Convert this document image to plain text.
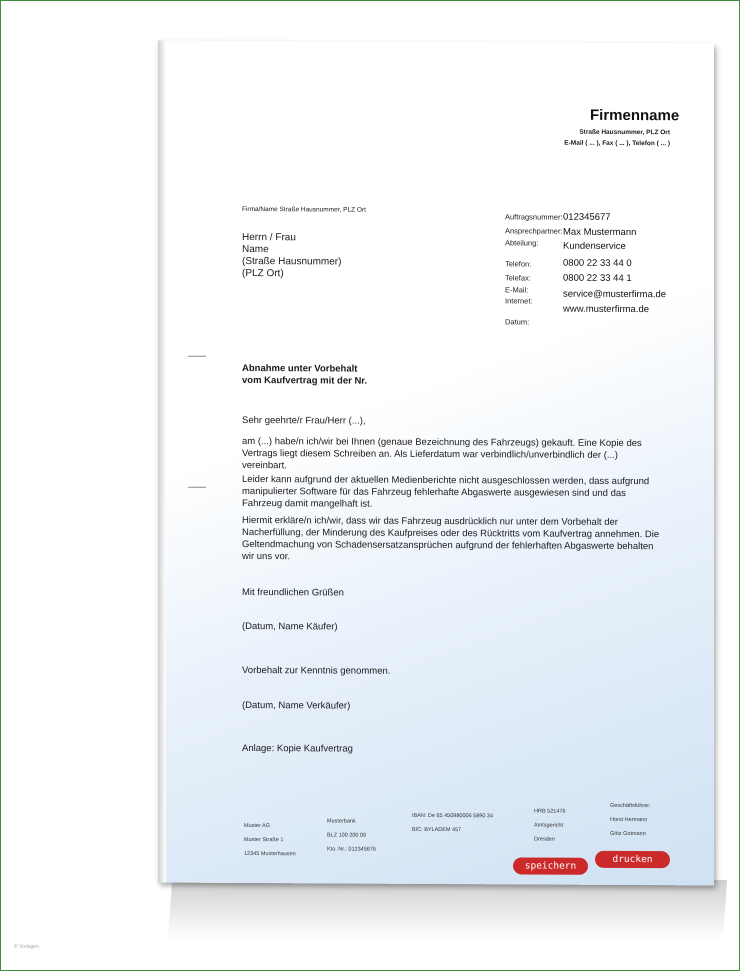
Firmenname
Straße Hausnummer, PLZ Ort
E-Mail ( ... ), Fax ( ... ), Telefon ( ... )
Firma/Name Straße Hausnummer, PLZ Ort
Herrn / Frau
Name
(Straße Hausnummer)
(PLZ Ort)
Auftragsnummer: 012345677
Ansprechpartner: Max Mustermann
Abteilung:	Kundenservice
Telefon:	0800 22 33 44 0
Telefax:	0800 22 33 44 1
E-Mail:	service@musterfirma.de
Internet:
www.musterfirma.de
Datum:
Abnahme unter Vorbehalt
vom Kaufvertrag mit der Nr.
Sehr geehrte/r Frau/Herr (...),
am (...) habe/n ich/wir bei Ihnen (genaue Bezeichnung des Fahrzeugs) gekauft. Eine Kopie des Vertrags liegt diesem Schreiben an. Als Lieferdatum war verbindlich/unverbindlich der (...) vereinbart.
Leider kann aufgrund der aktuellen Medienberichte nicht ausgeschlossen werden, dass aufgrund manipulierter Software für das Fahrzeug fehlerhafte Abgaswerte ausgewiesen sind und das Fahrzeug damit mangelhaft ist.
Hiermit erkläre/n ich/wir, dass wir das Fahrzeug ausdrücklich nur unter dem Vorbehalt der Nacherfüllung, der Minderung des Kaufpreises oder des Rücktritts vom Kaufvertrag annehmen. Die Geltendmachung von Schadensersatzansprüchen aufgrund der fehlerhaften Abgaswerte behalten wir uns vor.
Mit freundlichen Grüßen
(Datum, Name Käufer)
Vorbehalt zur Kenntnis genommen.
(Datum, Name Verkäufer)
Anlage: Kopie Kaufvertrag
Muster AG
Muster Straße 1
12345 Musterhausen
Musterbank
BLZ 100 200 00
Kto. Nr.: 012345676
IBAN: De 65 450980006 5890 34
BIC: BYLADEM 457
HRB 521476
Amtsgericht
Dresden
Geschäftsführer:
Horst Hermann
Götz Gotmann
speichern
drucken
© Vorlagen
